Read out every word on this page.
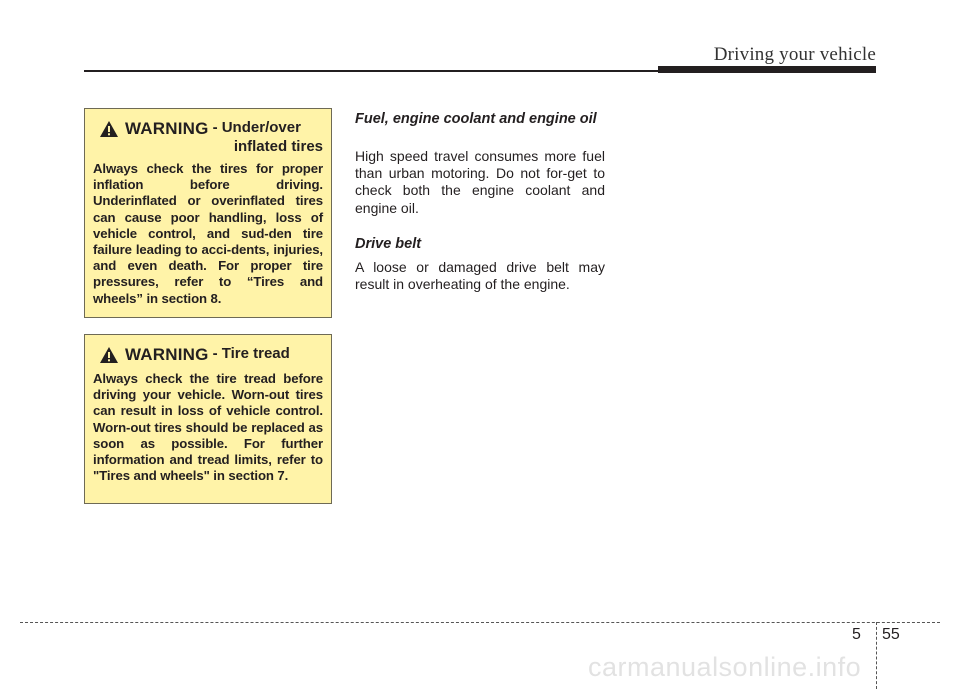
Driving your vehicle
WARNING - Under/over
inflated tires
Always check the tires for proper inflation before driving. Underinflated or overinflated tires can cause poor handling, loss of vehicle control, and sud-den tire failure leading to acci-dents, injuries, and even death. For proper tire pressures, refer to “Tires and wheels” in section 8.
WARNING - Tire tread
Always check the tire tread before driving your vehicle. Worn-out tires can result in loss of vehicle control. Worn-out tires should be replaced as soon as possible. For further information and tread limits, refer to "Tires and wheels" in section 7.
Fuel, engine coolant and engine oil
High speed travel consumes more fuel than urban motoring. Do not for-get to check both the engine coolant and engine oil.
Drive belt
A loose or damaged drive belt may result in overheating of the engine.
5 55
carmanualsonline.info
